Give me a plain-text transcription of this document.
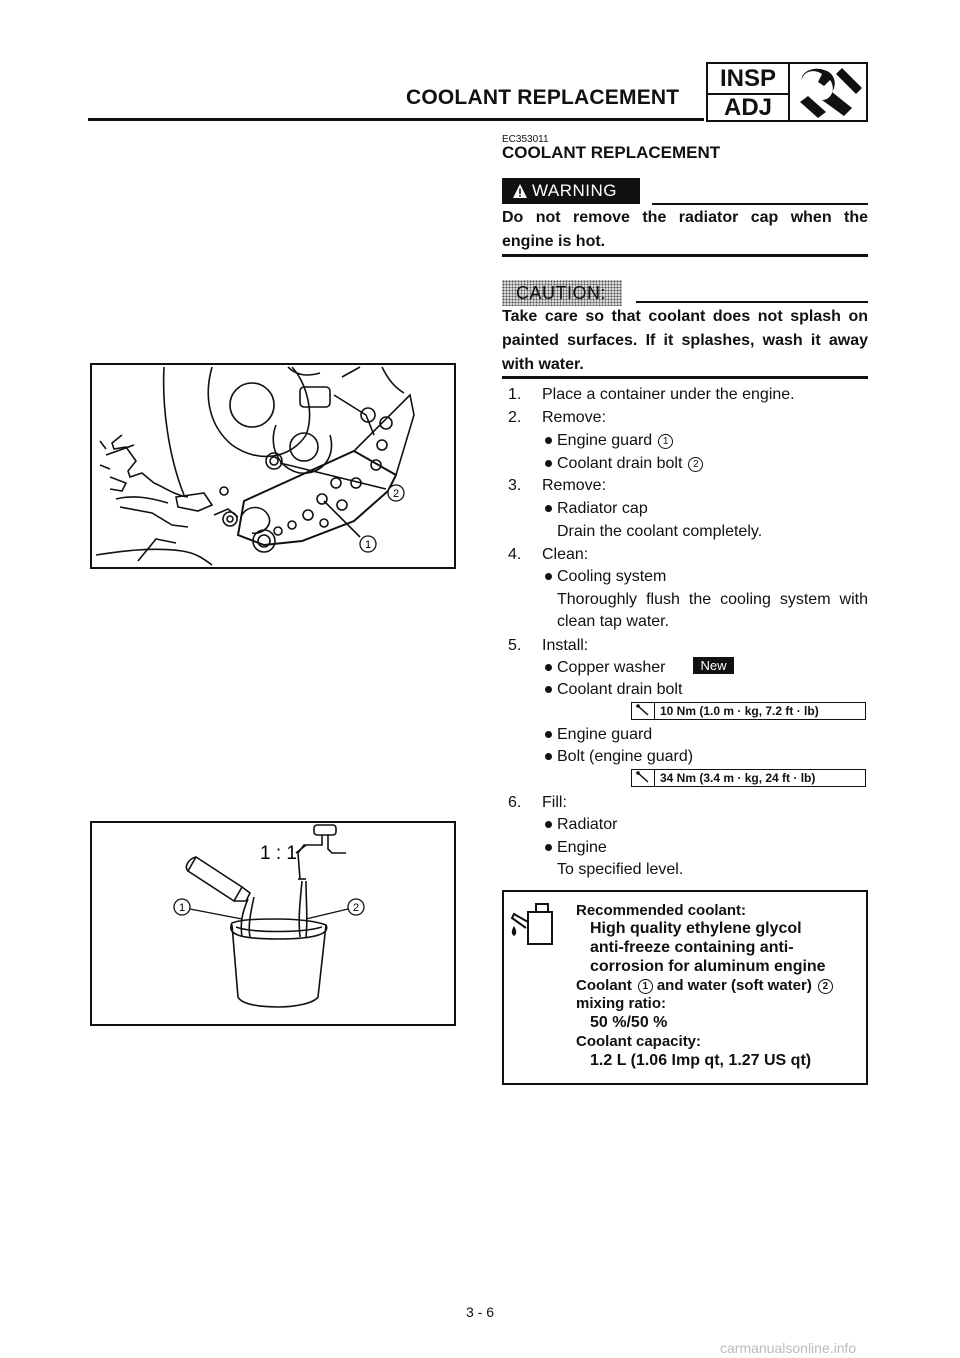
COOLANT REPLACEMENT
INSP
ADJ
EC353011
COOLANT REPLACEMENT
WARNING
Do not remove the radiator cap when the engine is hot.
CAUTION:
Take care so that coolant does not splash on painted surfaces. If it splashes, wash it away with water.
1. Place a container under the engine.
2. Remove:
Engine guard 1
Coolant drain bolt 2
3. Remove:
Radiator cap
Drain the coolant completely.
4. Clean:
Cooling system
Thoroughly flush the cooling system with clean tap water.
5. Install:
Copper washer	New
Coolant drain bolt
10 Nm (1.0 m · kg, 7.2 ft · lb)
Engine guard
Bolt (engine guard)
34 Nm (3.4 m · kg, 24 ft · lb)
6. Fill:
Radiator
Engine
To specified level.
Recommended coolant:
High quality ethylene glycol
anti-freeze containing anti-
corrosion for aluminum engine
Coolant 1 and water (soft water) 2
mixing ratio:
50 %/50 %
Coolant capacity:
1.2 L (1.06 Imp qt, 1.27 US qt)
2
1
1 : 1
1	2
3 - 6
carmanualsonline.info
